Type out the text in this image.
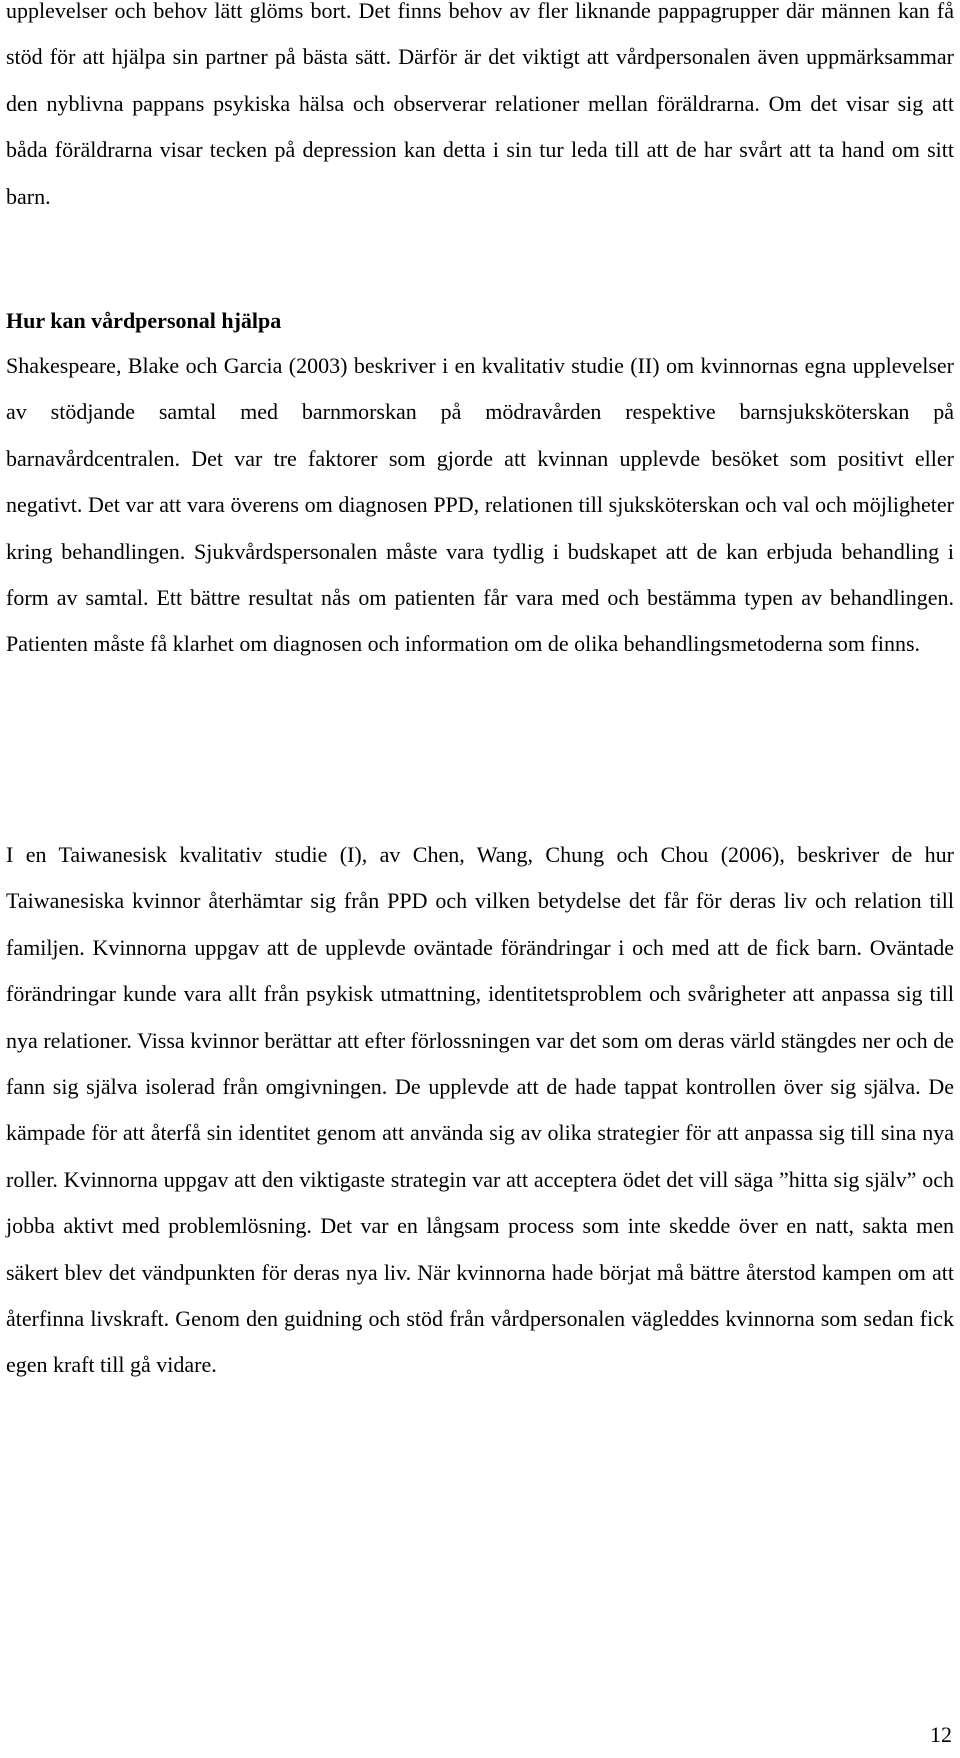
upplevelser och behov lätt glöms bort. Det finns behov av fler liknande pappagrupper där männen kan få stöd för att hjälpa sin partner på bästa sätt. Därför är det viktigt att vårdpersonalen även uppmärksammar den nyblivna pappans psykiska hälsa och observerar relationer mellan föräldrarna. Om det visar sig att båda föräldrarna visar tecken på depression kan detta i sin tur leda till att de har svårt att ta hand om sitt barn.

Hur kan vårdpersonal hjälpa

Shakespeare, Blake och Garcia (2003) beskriver i en kvalitativ studie (II) om kvinnornas egna upplevelser av stödjande samtal med barnmorskan på mödravården respektive barnsjuksköterskan på barnavårdcentralen. Det var tre faktorer som gjorde att kvinnan upplevde besöket som positivt eller negativt. Det var att vara överens om diagnosen PPD, relationen till sjuksköterskan och val och möjligheter kring behandlingen. Sjukvårdspersonalen måste vara tydlig i budskapet att de kan erbjuda behandling i form av samtal. Ett bättre resultat nås om patienten får vara med och bestämma typen av behandlingen. Patienten måste få klarhet om diagnosen och information om de olika behandlingsmetoderna som finns.

I en Taiwanesisk kvalitativ studie (I), av Chen, Wang, Chung och Chou (2006), beskriver de hur Taiwanesiska kvinnor återhämtar sig från PPD och vilken betydelse det får för deras liv och relation till familjen. Kvinnorna uppgav att de upplevde oväntade förändringar i och med att de fick barn. Oväntade förändringar kunde vara allt från psykisk utmattning, identitetsproblem och svårigheter att anpassa sig till nya relationer. Vissa kvinnor berättar att efter förlossningen var det som om deras värld stängdes ner och de fann sig själva isolerad från omgivningen. De upplevde att de hade tappat kontrollen över sig själva. De kämpade för att återfå sin identitet genom att använda sig av olika strategier för att anpassa sig till sina nya roller. Kvinnorna uppgav att den viktigaste strategin var att acceptera ödet det vill säga ”hitta sig själv” och jobba aktivt med problemlösning. Det var en långsam process som inte skedde över en natt, sakta men säkert blev det vändpunkten för deras nya liv. När kvinnorna hade börjat må bättre återstod kampen om att återfinna livskraft. Genom den guidning och stöd från vårdpersonalen vägleddes kvinnorna som sedan fick egen kraft till gå vidare.

12
